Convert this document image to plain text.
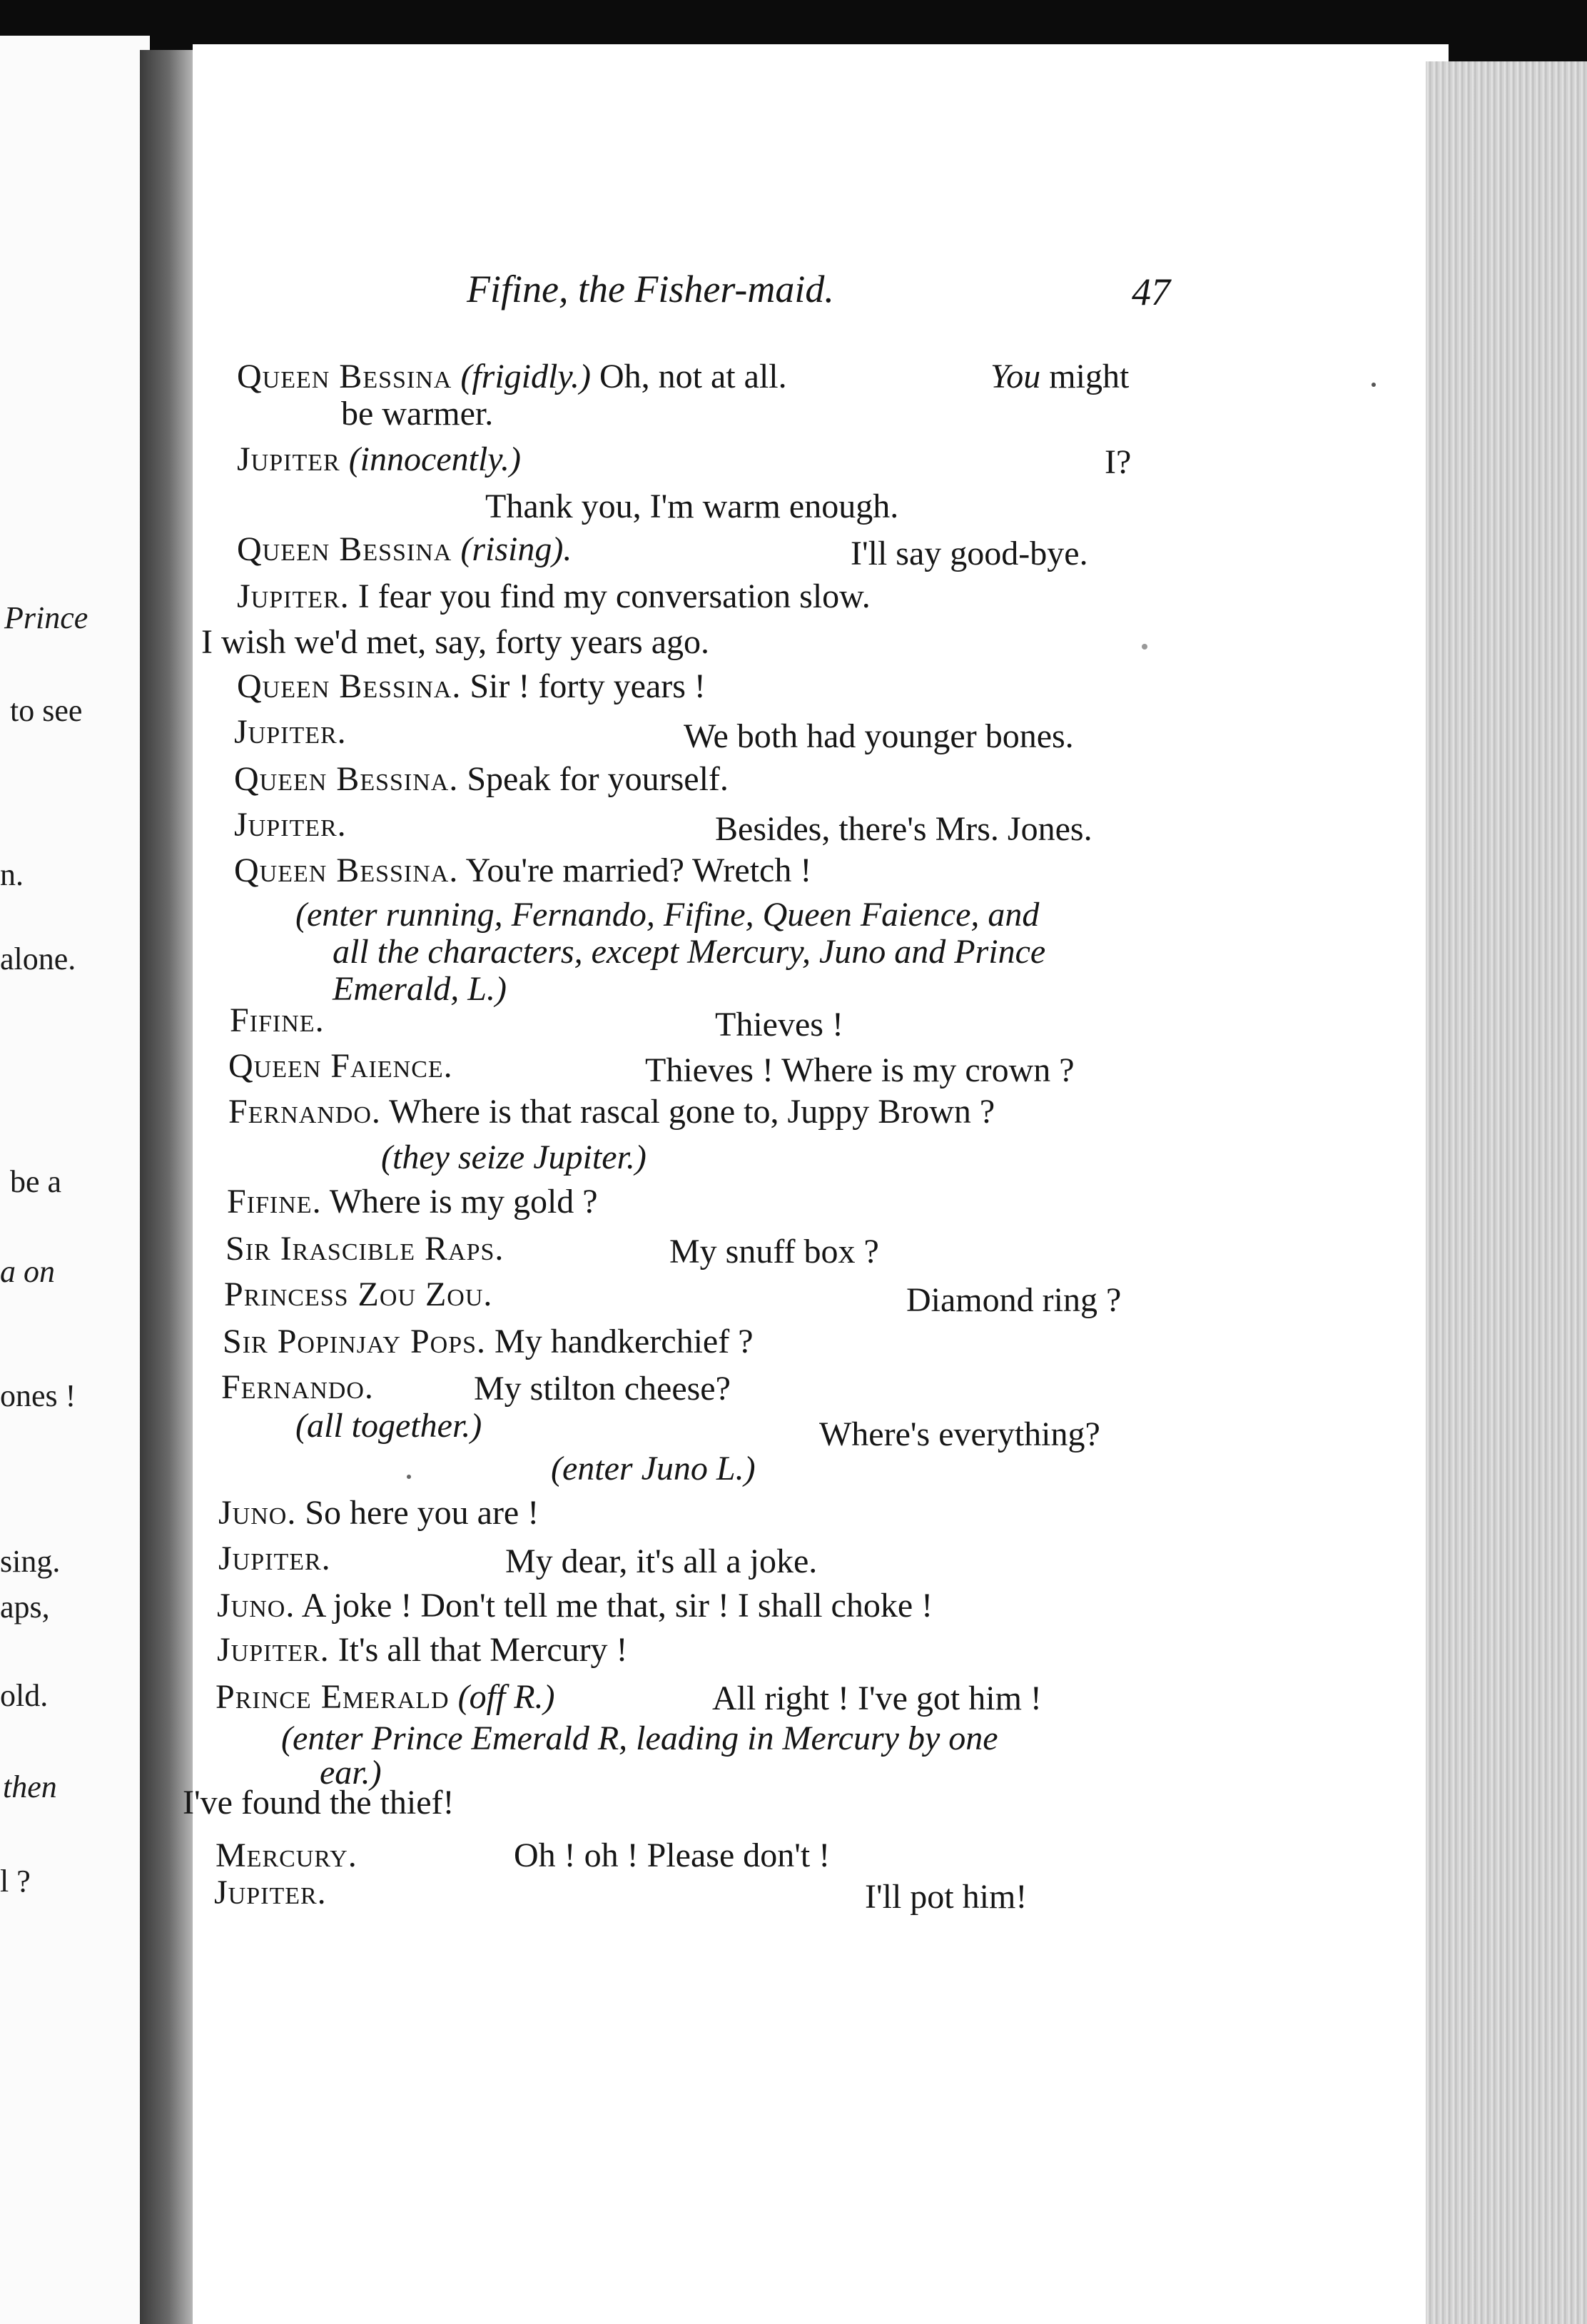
Prince
to see
n.
alone.
be a
a on
ones !
sing.
aps,
old.
then
l ?
Fifine, the Fisher-maid.	47
Queen Bessina (frigidly.) Oh, not at all.	You might
be warmer.
Jupiter (innocently.)	I?
Thank you, I'm warm enough.
Queen Bessina (rising).	I'll say good-bye.
Jupiter. I fear you find my conversation slow.
I wish we'd met, say, forty years ago.
Queen Bessina. Sir ! forty years !
Jupiter.	We both had younger bones.
Queen Bessina. Speak for yourself.
Jupiter.	Besides, there's Mrs. Jones.
Queen Bessina. You're married? Wretch !
(enter running, Fernando, Fifine, Queen Faience, and
all the characters, except Mercury, Juno and Prince
Emerald, L.)
Fifine.	Thieves !
Queen Faience.	Thieves ! Where is my crown ?
Fernando. Where is that rascal gone to, Juppy Brown ?
(they seize Jupiter.)
Fifine. Where is my gold ?
Sir Irascible Raps.	My snuff box ?
Princess Zou Zou.	Diamond ring ?
Sir Popinjay Pops. My handkerchief ?
Fernando.	My stilton cheese?
(all together.)	Where's everything?
(enter Juno L.)
Juno. So here you are !
Jupiter.	My dear, it's all a joke.
Juno. A joke ! Don't tell me that, sir ! I shall choke !
Jupiter. It's all that Mercury !
Prince Emerald (off R.)	All right ! I've got him !
(enter Prince Emerald R, leading in Mercury by one
ear.)
I've found the thief!
Mercury.	Oh ! oh ! Please don't !
Jupiter.	I'll pot him!
